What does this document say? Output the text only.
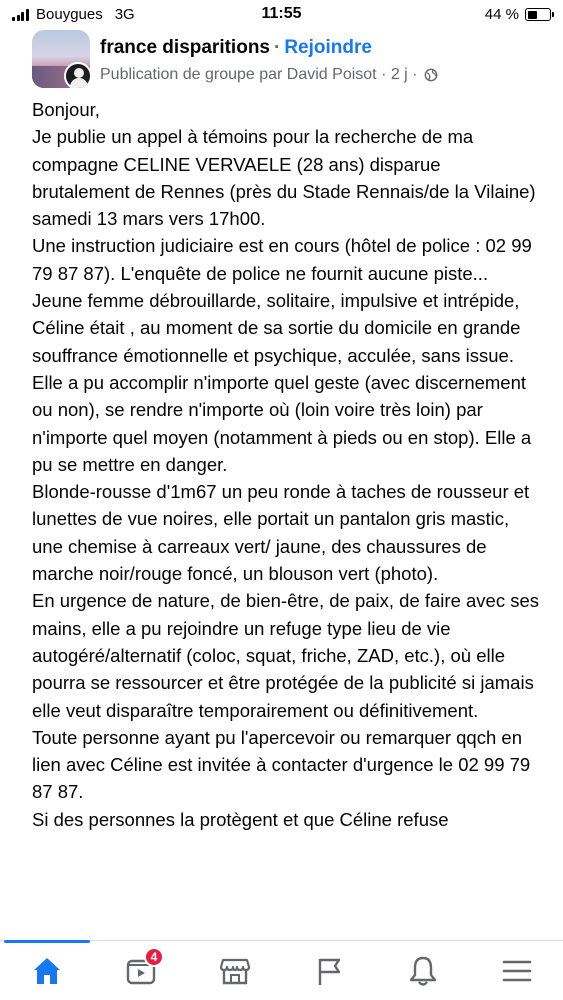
Bouygues 3G	11:55	44 %
france disparitions · Rejoindre
Publication de groupe par David Poisot · 2 j ·

Bonjour,

Je publie un appel à témoins pour la recherche de ma compagne CELINE VERVAELE (28 ans) disparue brutalement de Rennes (près du Stade Rennais/de la Vilaine) samedi 13 mars vers 17h00.

Une instruction judiciaire est en cours (hôtel de police : 02 99 79 87 87). L'enquête de police ne fournit aucune piste...

Jeune femme débrouillarde, solitaire, impulsive et intrépide, Céline était , au moment de sa sortie du domicile en grande souffrance émotionnelle et psychique, acculée, sans issue. Elle a pu accomplir n'importe quel geste (avec discernement ou non), se rendre n'importe où (loin voire très loin) par n'importe quel moyen (notamment à pieds ou en stop). Elle a pu se mettre en danger.

Blonde-rousse d'1m67 un peu ronde à taches de rousseur et lunettes de vue noires, elle portait un pantalon gris mastic, une chemise à carreaux vert/ jaune, des chaussures de marche noir/rouge foncé, un blouson vert (photo).

En urgence de nature, de bien-être, de paix, de faire avec ses mains, elle a pu rejoindre un refuge type lieu de vie autogéré/alternatif (coloc, squat, friche, ZAD, etc.), où elle pourra se ressourcer et être protégée de la publicité si jamais elle veut disparaître temporairement ou définitivement.

Toute personne ayant pu l'apercevoir ou remarquer qqch en lien avec Céline est invitée à contacter d'urgence le 02 99 79 87 87.

Si des personnes la protègent et que Céline refuse

4
